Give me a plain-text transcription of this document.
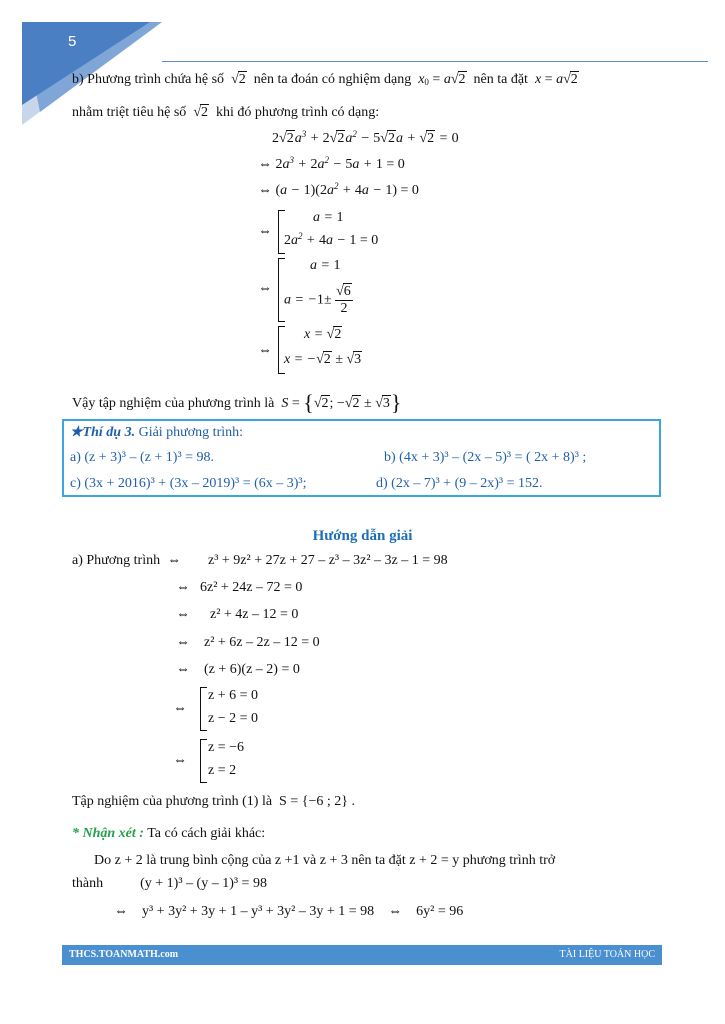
5
b) Phương trình chứa hệ số √2 nên ta đoán có nghiệm dạng $x_0 = a√2$ nên ta đặt x = a√2
nhằm triệt tiêu hệ số √2 khi đó phương trình có dạng:
$2√2a^3 + 2√2a^2 - 5√2a + √2 = 0$
⇔ $2a^3 + 2a^2 - 5a + 1 = 0$
⇔ $(a - 1)(2a^2 + 4a - 1) = 0$
⇔
a = 1
$2a^2 + 4a - 1 = 0$
⇔
a = 1
$a = -1\pm \frac{√6}{2}$
⇔
x = √2
x = −√2 ± √3
Vậy tập nghiệm của phương trình là S = {√2; −√2 ± √3}
★Thí dụ 3. Giải phương trình:
a) (z + 3)³ – (z + 1)³ = 98.	b) (4x + 3)³ – (2x – 5)³ = ( 2x + 8)³ ;
c) (3x + 2016)³ + (3x – 2019)³ = (6x – 3)³;	d) (2x – 7)³ + (9 – 2x)³ = 152.
Hướng dẫn giải
a) Phương trình  ⇔ z³ + 9z² + 27z + 27 – z³ – 3z² – 3z – 1 = 98
⇔ 6z² + 24z – 72 = 0
⇔ z² + 4z – 12 = 0
⇔ z² + 6z – 2z – 12 = 0
⇔ (z + 6)(z – 2) = 0
⇔
z + 6 = 0
z − 2 = 0
⇔
z = −6
z = 2
Tập nghiệm của phương trình (1) là S = {−6 ; 2} .
* Nhận xét : Ta có cách giải khác:
Do z + 2 là trung bình cộng của z +1 và z + 3 nên ta đặt z + 2 = y phương trình trở
thành	(y + 1)³ – (y – 1)³ = 98
⇔    y³ + 3y² + 3y + 1 – y³ + 3y² – 3y + 1 = 98    ⇔    6y² = 96
THCS.TOANMATH.com	TÀI LIỆU TOÁN HỌC
